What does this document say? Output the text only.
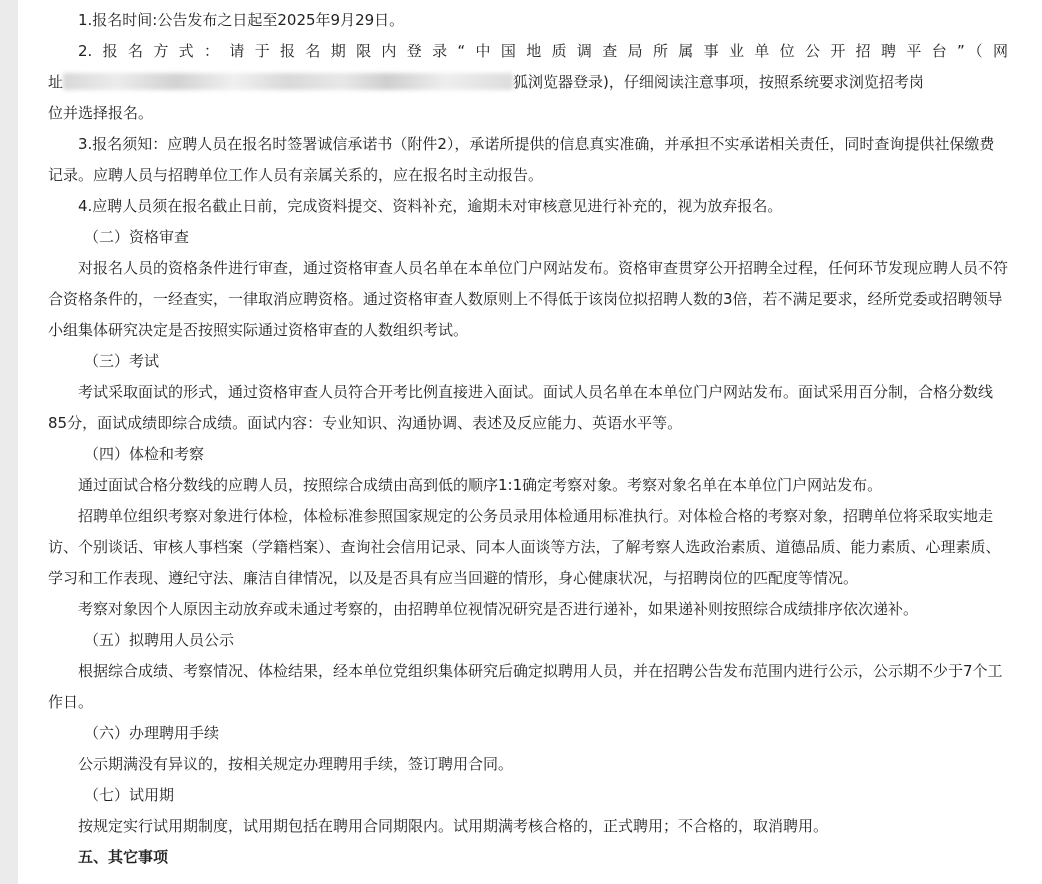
1.报名时间:公告发布之日起至2025年9月29日。

2.报名方式：请于报名期限内登录“中国地质调查局所属事业单位公开招聘平台”（网

址	狐浏览器登录)，仔细阅读注意事项，按照系统要求浏览招考岗

位并选择报名。

3.报名须知：应聘人员在报名时签署诚信承诺书（附件2），承诺所提供的信息真实准确，并承担不实承诺相关责任，同时查询提供社保缴费记录。应聘人员与招聘单位工作人员有亲属关系的，应在报名时主动报告。

4.应聘人员须在报名截止日前，完成资料提交、资料补充，逾期未对审核意见进行补充的，视为放弃报名。

（二）资格审查

对报名人员的资格条件进行审查，通过资格审查人员名单在本单位门户网站发布。资格审查贯穿公开招聘全过程，任何环节发现应聘人员不符合资格条件的，一经查实，一律取消应聘资格。通过资格审查人数原则上不得低于该岗位拟招聘人数的3倍，若不满足要求，经所党委或招聘领导小组集体研究决定是否按照实际通过资格审查的人数组织考试。

（三）考试

考试采取面试的形式，通过资格审查人员符合开考比例直接进入面试。面试人员名单在本单位门户网站发布。面试采用百分制，合格分数线85分，面试成绩即综合成绩。面试内容：专业知识、沟通协调、表述及反应能力、英语水平等。

（四）体检和考察

通过面试合格分数线的应聘人员，按照综合成绩由高到低的顺序1:1确定考察对象。考察对象名单在本单位门户网站发布。

招聘单位组织考察对象进行体检，体检标准参照国家规定的公务员录用体检通用标准执行。对体检合格的考察对象，招聘单位将采取实地走访、个别谈话、审核人事档案（学籍档案）、查询社会信用记录、同本人面谈等方法，了解考察人选政治素质、道德品质、能力素质、心理素质、学习和工作表现、遵纪守法、廉洁自律情况，以及是否具有应当回避的情形，身心健康状况，与招聘岗位的匹配度等情况。

考察对象因个人原因主动放弃或未通过考察的，由招聘单位视情况研究是否进行递补，如果递补则按照综合成绩排序依次递补。

（五）拟聘用人员公示

根据综合成绩、考察情况、体检结果，经本单位党组织集体研究后确定拟聘用人员，并在招聘公告发布范围内进行公示，公示期不少于7个工作日。

（六）办理聘用手续

公示期满没有异议的，按相关规定办理聘用手续，签订聘用合同。

（七）试用期

按规定实行试用期制度，试用期包括在聘用合同期限内。试用期满考核合格的，正式聘用；不合格的，取消聘用。

五、其它事项
